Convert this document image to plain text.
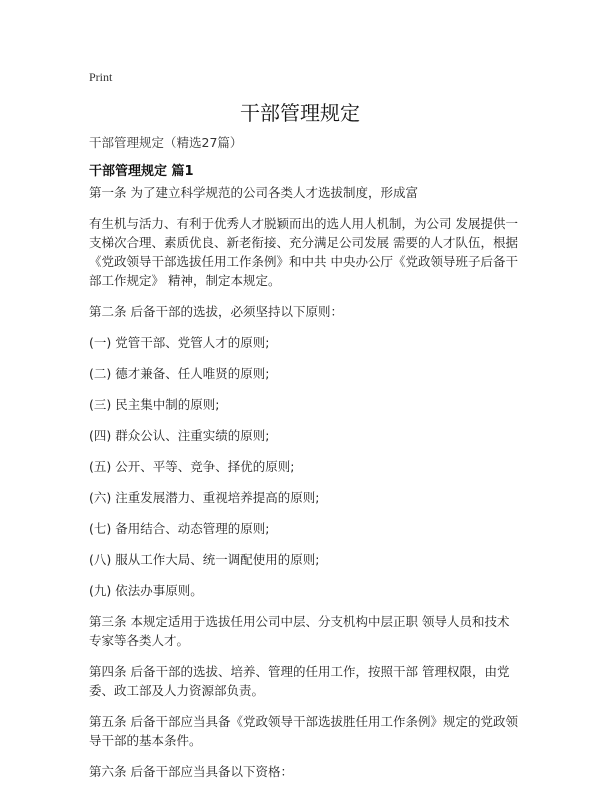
Print
干部管理规定
干部管理规定（精选27篇）
干部管理规定 篇1

第一条 为了建立科学规范的公司各类人才选拔制度，形成富

有生机与活力、有利于优秀人才脱颖而出的选人用人机制，为公司 发展提供一支梯次合理、素质优良、新老衔接、充分满足公司发展 需要的人才队伍，根据《党政领导干部选拔任用工作条例》和中共 中央办公厅《党政领导班子后备干部工作规定》 精神，制定本规定。

第二条 后备干部的选拔，必须坚持以下原则：

(一) 党管干部、党管人才的原则;

(二) 德才兼备、任人唯贤的原则;

(三) 民主集中制的原则;

(四) 群众公认、注重实绩的原则;

(五) 公开、平等、竞争、择优的原则;

(六) 注重发展潜力、重视培养提高的原则;

(七) 备用结合、动态管理的原则;

(八) 服从工作大局、统一调配使用的原则;

(九) 依法办事原则。

第三条 本规定适用于选拔任用公司中层、分支机构中层正职 领导人员和技术专家等各类人才。

第四条 后备干部的选拔、培养、管理的任用工作，按照干部 管理权限，由党委、政工部及人力资源部负责。

第五条 后备干部应当具备《党政领导干部选拔胜任用工作条例》规定的党政领导干部的基本条件。

第六条 后备干部应当具备以下资格：
